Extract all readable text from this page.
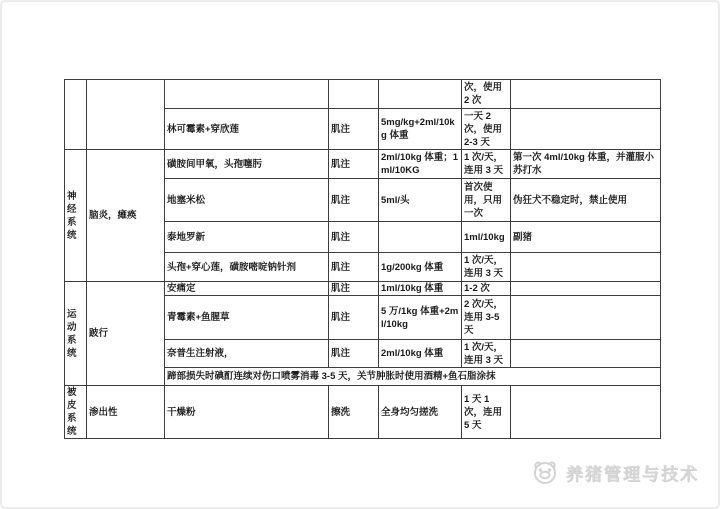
					次，使用 2 次	
		林可霉素+穿欣莲	肌注	5mg/kg+2ml/10kg 体重	一天 2 次，使用 2-3 天	
神经系统	脑炎，瘫痪	磺胺间甲氧，头孢噻肟	肌注	2ml/10kg 体重；1ml/10KG	1 次/天，连用 3 天	第一次 4ml/10kg 体重，并灌服小苏打水
		地塞米松	肌注	5ml/头	首次使用，只用一次	伪狂犬不稳定时，禁止使用
		泰地罗新	肌注		1ml/10kg	副猪
		头孢+穿心莲，磺胺嘧啶钠针剂	肌注	1g/200kg 体重	1 次/天，连用 3 天	
运动系统	跛行	安痛定	肌注	1ml/10kg 体重	1-2 次	
		青霉素+鱼腥草	肌注	5 万/1kg 体重+2ml/10kg	2 次/天，连用 3-5 天	
		奈普生注射液，	肌注	2ml/10kg 体重	1 次/天，连用 3 天	
		蹄部损失时碘酊连续对伤口喷雾消毒 3-5 天，关节肿胀时使用酒精+鱼石脂涂抹				
被皮系统	渗出性	干燥粉	擦洗	全身均匀搓洗	1 天 1 次，连用 5 天	
养猪管理与技术
